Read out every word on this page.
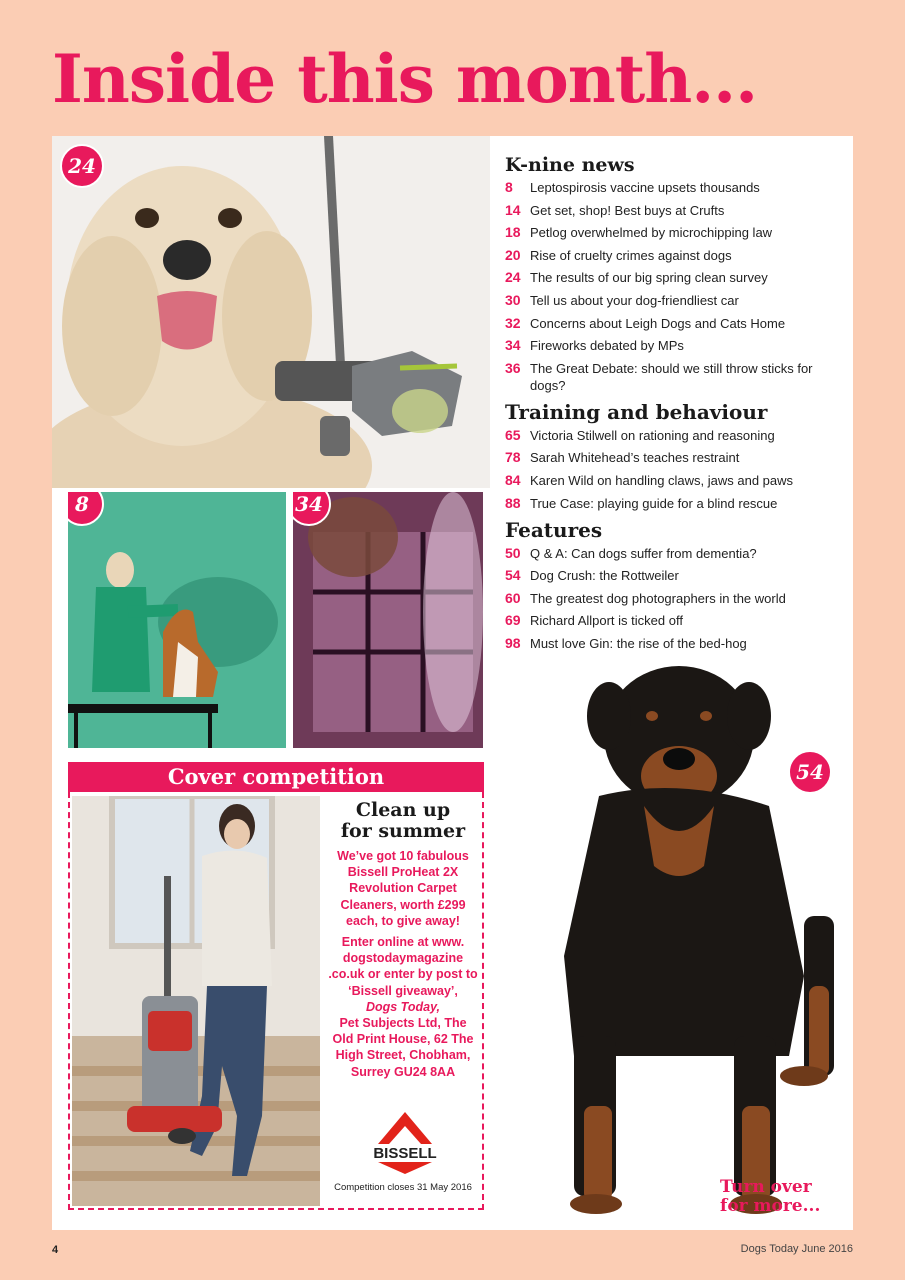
Inside this month...
24
8	34
K-nine news
8	Leptospirosis vaccine upsets thousands
14 Get set, shop! Best buys at Crufts
18 Petlog overwhelmed by microchipping law
20 Rise of cruelty crimes against dogs
24 The results of our big spring clean survey
30 Tell us about your dog-friendliest car
32 Concerns about Leigh Dogs and Cats Home
34 Fireworks debated by MPs
36 The Great Debate: should we still throw sticks for dogs?
Training and behaviour
65 Victoria Stilwell on rationing and reasoning
78 Sarah Whitehead’s teaches restraint
84 Karen Wild on handling claws, jaws and paws
88 True Case: playing guide for a blind rescue
Features
50 Q & A: Can dogs suffer from dementia?
54 Dog Crush: the Rottweiler
60 The greatest dog photographers in the world
69 Richard Allport is ticked off
98 Must love Gin: the rise of the bed-hog
54
Turn over
for more...
Cover competition
Clean up
for summer
We’ve got 10 fabulous Bissell ProHeat 2X Revolution Carpet Cleaners, worth £299 each, to give away!
Enter online at www. dogstodaymagazine .co.uk or enter by post to ‘Bissell giveaway’,
Dogs Today,
Pet Subjects Ltd, The Old Print House, 62 The High Street, Chobham, Surrey GU24 8AA
BISSELL
Competition closes 31 May 2016
4	Dogs Today June 2016
